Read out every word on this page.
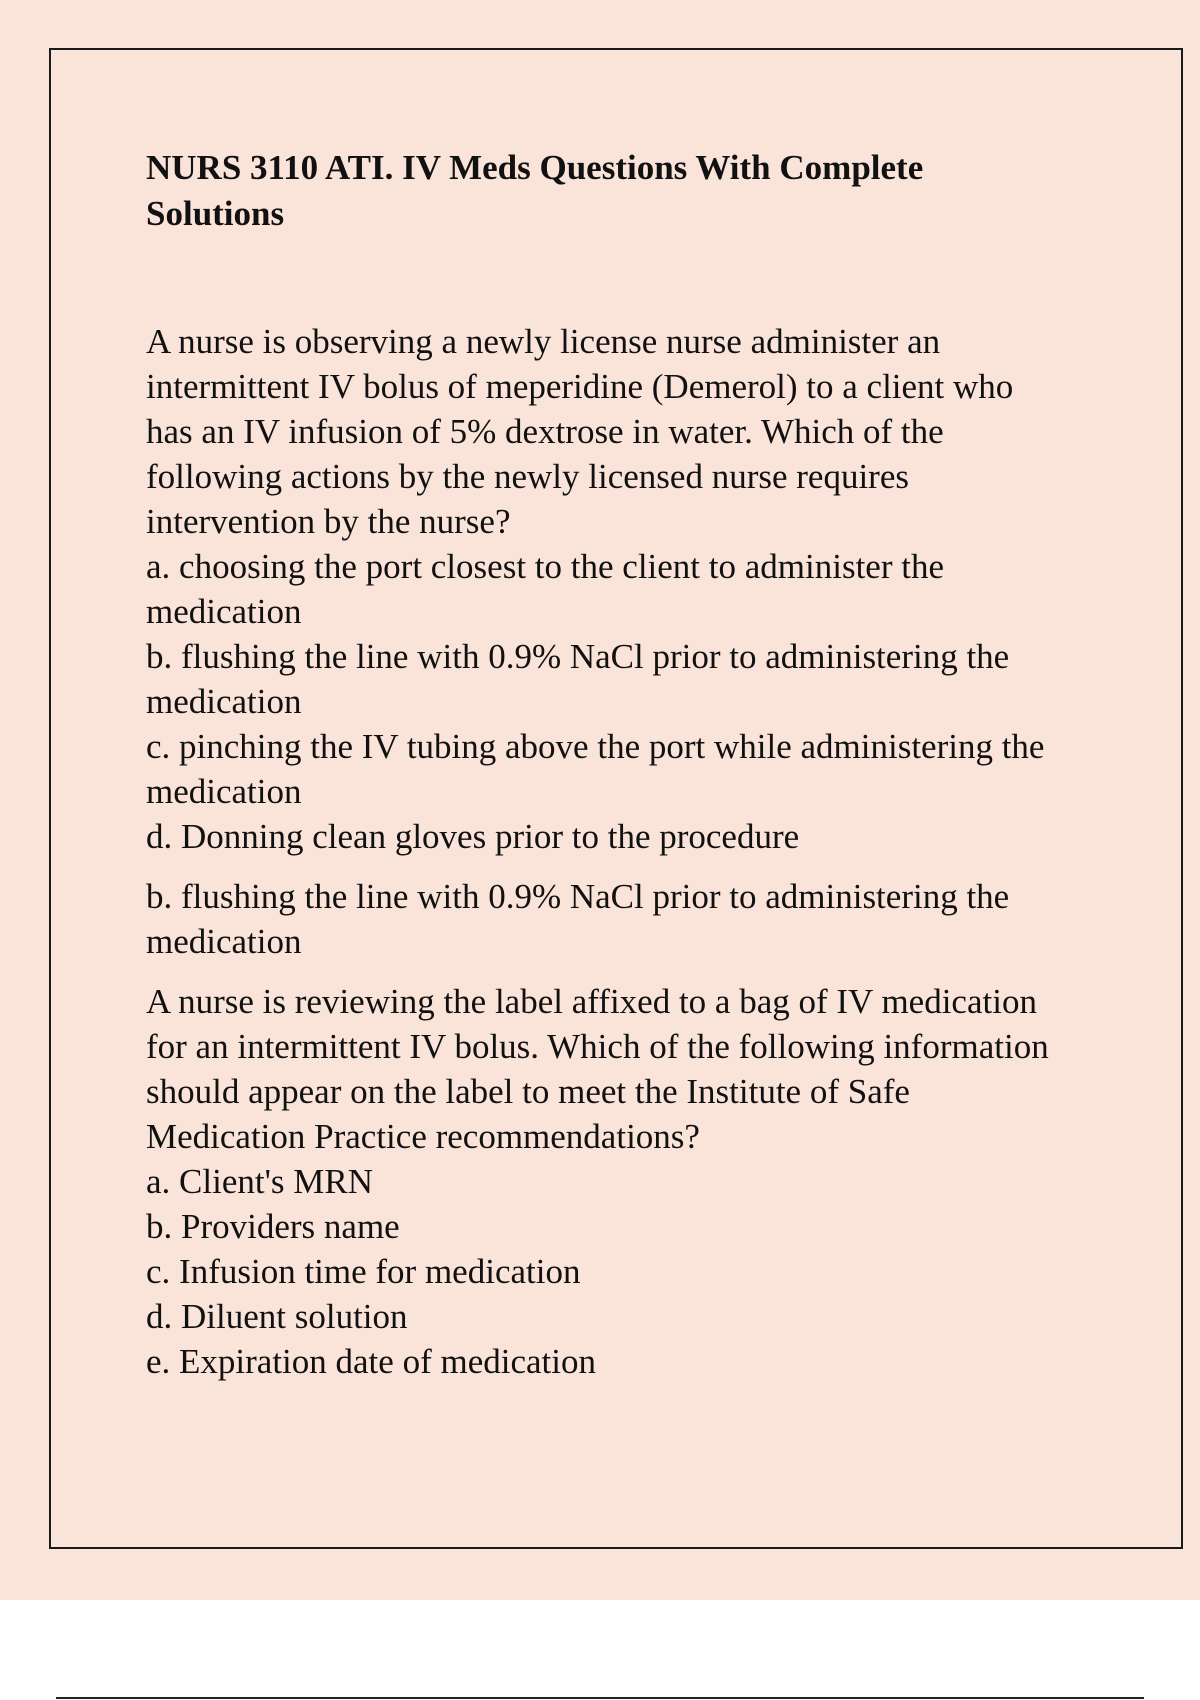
NURS 3110 ATI. IV Meds Questions With Complete
Solutions
A nurse is observing a newly license nurse administer an
intermittent IV bolus of meperidine (Demerol) to a client who
has an IV infusion of 5% dextrose in water. Which of the
following actions by the newly licensed nurse requires
intervention by the nurse?
a. choosing the port closest to the client to administer the
medication
b. flushing the line with 0.9% NaCl prior to administering the
medication
c. pinching the IV tubing above the port while administering the
medication
d. Donning clean gloves prior to the procedure
b. flushing the line with 0.9% NaCl prior to administering the
medication
A nurse is reviewing the label affixed to a bag of IV medication
for an intermittent IV bolus. Which of the following information
should appear on the label to meet the Institute of Safe
Medication Practice recommendations?
a. Client's MRN
b. Providers name
c. Infusion time for medication
d. Diluent solution
e. Expiration date of medication
